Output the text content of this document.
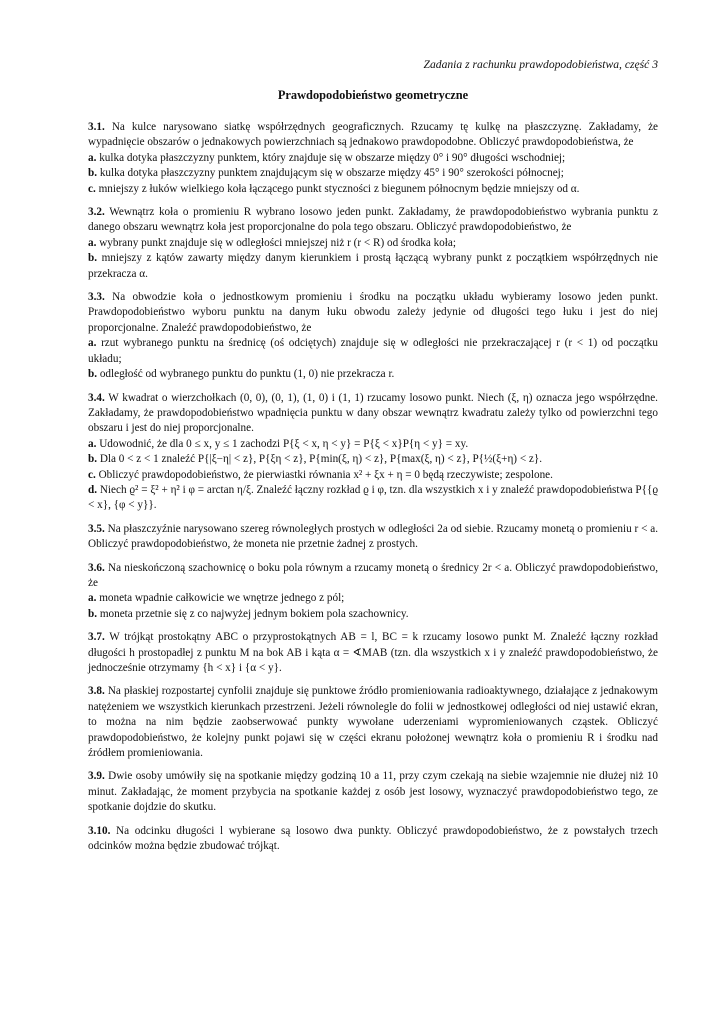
Zadania z rachunku prawdopodobieństwa, część 3
Prawdopodobieństwo geometryczne
3.1. Na kulce narysowano siatkę współrzędnych geograficznych. Rzucamy tę kulkę na płaszczyznę. Zakładamy, że wypadnięcie obszarów o jednakowych powierzchniach są jednakowo prawdopodobne. Obliczyć prawdopodobieństwa, że
a. kulka dotyka płaszczyzny punktem, który znajduje się w obszarze między 0° i 90° długości wschodniej;
b. kulka dotyka płaszczyzny punktem znajdującym się w obszarze między 45° i 90° szerokości północnej;
c. mniejszy z łuków wielkiego koła łączącego punkt styczności z biegunem północnym będzie mniejszy od α.
3.2. Wewnątrz koła o promieniu R wybrano losowo jeden punkt. Zakładamy, że prawdopodobieństwo wybrania punktu z danego obszaru wewnątrz koła jest proporcjonalne do pola tego obszaru. Obliczyć prawdopodobieństwo, że
a. wybrany punkt znajduje się w odległości mniejszej niż r (r < R) od środka koła;
b. mniejszy z kątów zawarty między danym kierunkiem i prostą łączącą wybrany punkt z początkiem współrzędnych nie przekracza α.
3.3. Na obwodzie koła o jednostkowym promieniu i środku na początku układu wybieramy losowo jeden punkt. Prawdopodobieństwo wyboru punktu na danym łuku obwodu zależy jedynie od długości tego łuku i jest do niej proporcjonalne. Znaleźć prawdopodobieństwo, że
a. rzut wybranego punktu na średnicę (oś odciętych) znajduje się w odległości nie przekraczającej r (r < 1) od początku układu;
b. odległość od wybranego punktu do punktu (1, 0) nie przekracza r.
3.4. W kwadrat o wierzchołkach (0, 0), (0, 1), (1, 0) i (1, 1) rzucamy losowo punkt. Niech (ξ, η) oznacza jego współrzędne. Zakładamy, że prawdopodobieństwo wpadnięcia punktu w dany obszar wewnątrz kwadratu zależy tylko od powierzchni tego obszaru i jest do niej proporcjonalne.
a. Udowodnić, że dla 0 ≤ x, y ≤ 1 zachodzi P{ξ < x, η < y} = P{ξ < x}P{η < y} = xy.
b. Dla 0 < z < 1 znaleźć P{|ξ−η| < z}, P{ξη < z}, P{min(ξ, η) < z}, P{max(ξ, η) < z}, P{½(ξ+η) < z}.
c. Obliczyć prawdopodobieństwo, że pierwiastki równania x² + ξx + η = 0 będą rzeczywiste; zespolone.
d. Niech ϱ² = ξ² + η² i φ = arctan η/ξ. Znaleźć łączny rozkład ϱ i φ, tzn. dla wszystkich x i y znaleźć prawdopodobieństwa P{{ϱ < x}, {φ < y}}.
3.5. Na płaszczyźnie narysowano szereg równoległych prostych w odległości 2a od siebie. Rzucamy monetą o promieniu r < a. Obliczyć prawdopodobieństwo, że moneta nie przetnie żadnej z prostych.
3.6. Na nieskończoną szachownicę o boku pola równym a rzucamy monetą o średnicy 2r < a. Obliczyć prawdopodobieństwo, że
a. moneta wpadnie całkowicie we wnętrze jednego z pól;
b. moneta przetnie się z co najwyżej jednym bokiem pola szachownicy.
3.7. W trójkąt prostokątny ABC o przyprostokątnych AB = l, BC = k rzucamy losowo punkt M. Znaleźć łączny rozkład długości h prostopadłej z punktu M na bok AB i kąta α = ∢MAB (tzn. dla wszystkich x i y znaleźć prawdopodobieństwo, że jednocześnie otrzymamy {h < x} i {α < y}.
3.8. Na płaskiej rozpostartej cynfolii znajduje się punktowe źródło promieniowania radioaktywnego, działające z jednakowym natężeniem we wszystkich kierunkach przestrzeni. Jeżeli równolegle do folii w jednostkowej odległości od niej ustawić ekran, to można na nim będzie zaobserwować punkty wywołane uderzeniami wypromieniowanych cząstek. Obliczyć prawdopodobieństwo, że kolejny punkt pojawi się w części ekranu położonej wewnątrz koła o promieniu R i środku nad źródłem promieniowania.
3.9. Dwie osoby umówiły się na spotkanie między godziną 10 a 11, przy czym czekają na siebie wzajemnie nie dłużej niż 10 minut. Zakładając, że moment przybycia na spotkanie każdej z osób jest losowy, wyznaczyć prawdopodobieństwo tego, ze spotkanie dojdzie do skutku.
3.10. Na odcinku długości l wybierane są losowo dwa punkty. Obliczyć prawdopodobieństwo, że z powstałych trzech odcinków można będzie zbudować trójkąt.
